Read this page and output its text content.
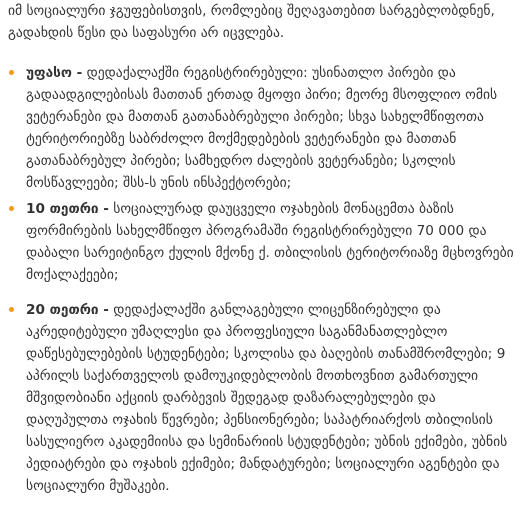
იმ სოციალური ჯგუფებისთვის, რომლებიც შეღავათებით სარგებლობდნენ, გადახდის წესი და საფასური არ იცვლება.

უფასო - დედაქალაქში რეგისტრირებული: უსინათლო პირები და გადაადგილებისას მათთან ერთად მყოფი პირი; მეორე მსოფლიო ომის ვეტერანები და მათთან გათანაბრებული პირები; სხვა სახელმწიფოთა ტერიტორიებზე საბრძოლო მოქმედებების ვეტერანები და მათთან გათანაბრებულ პირები; სამხედრო ძალების ვეტერანები; სკოლის მოსწავლეები; შსს-ს უნის ინსპექტორები;
10 თეთრი - სოციალურად დაუცველი ოჯახების მონაცემთა ბაზის ფორმირების სახელმწიფო პროგრამაში რეგისტრირებული 70 000 და დაბალი სარეიტინგო ქულის მქონე ქ. თბილისის ტერიტორიაზე მცხოვრები მოქალაქეები;
20 თეთრი - დედაქალაქში განლაგებული ლიცენზირებული და აკრედიტებული უმაღლესი და პროფესიული საგანმანათლებლო დაწესებულებების სტუდენტები; სკოლისა და ბაღების თანამშრომლები; 9 აპრილს საქართველოს დამოუკიდებლობის მოთხოვნით გამართული მშვიდობიანი აქციის დარბევის შედეგად დაზარალებულები და დაღუპულთა ოჯახის წევრები; პენსიონერები; საპატრიარქოს თბილისის სასულიერო აკადემიისა და სემინარიის სტუდენტები; უბნის ექიმები, უბნის პედიატრები და ოჯახის ექიმები; მანდატურები; სოციალური აგენტები და სოციალური მუშაკები.
